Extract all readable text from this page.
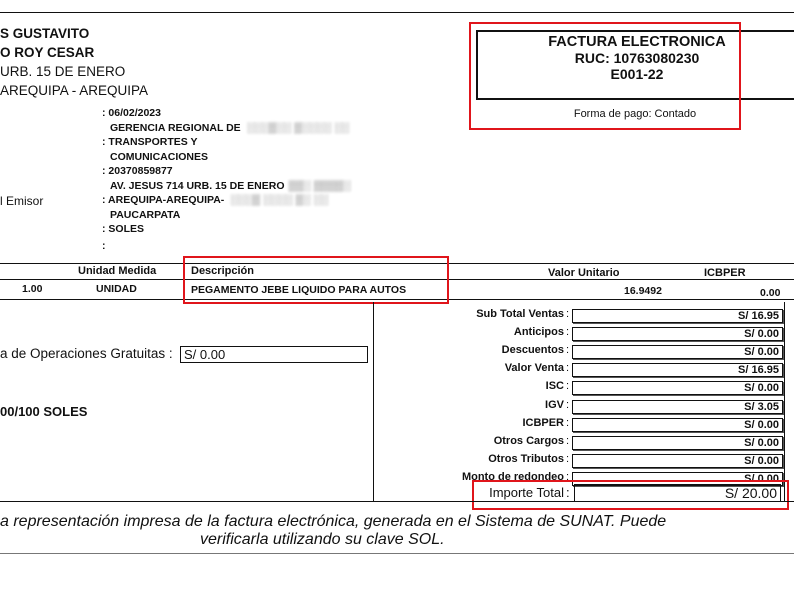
S GUSTAVITO
O ROY CESAR
URB. 15 DE ENERO
AREQUIPA - AREQUIPA
FACTURA ELECTRONICA
RUC: 10763080230
E001-22
Forma de pago: Contado
: 06/02/2023
GERENCIA REGIONAL DE ░░░▒░░ ▒░░░░ ░░
: TRANSPORTES Y
COMUNICACIONES
: 20370859877
AV. JESUS 714 URB. 15 DE ENERO ▒▒░ ▒▒▒▒░
: AREQUIPA-AREQUIPA- ░░░▒ ░░░░ ▒░ ░░
PAUCARPATA
: SOLES
:
l Emisor
Unidad Medida	Descripción	Valor Unitario	ICBPER
1.00	UNIDAD	PEGAMENTO JEBE LIQUIDO PARA AUTOS	16.9492	0.00
a de Operaciones Gratuitas : S/ 0.00
00/100 SOLES
Sub Total Ventas :	S/ 16.95
Anticipos :	S/ 0.00
Descuentos :	S/ 0.00
Valor Venta :	S/ 16.95
ISC :	S/ 0.00
IGV :	S/ 3.05
ICBPER :	S/ 0.00
Otros Cargos :	S/ 0.00
Otros Tributos :	S/ 0.00
Monto de redondeo :	S/ 0.00
:
Importe Total	S/ 20.00
a representación impresa de la factura electrónica, generada en el Sistema de SUNAT. Puede
verificarla utilizando su clave SOL.
